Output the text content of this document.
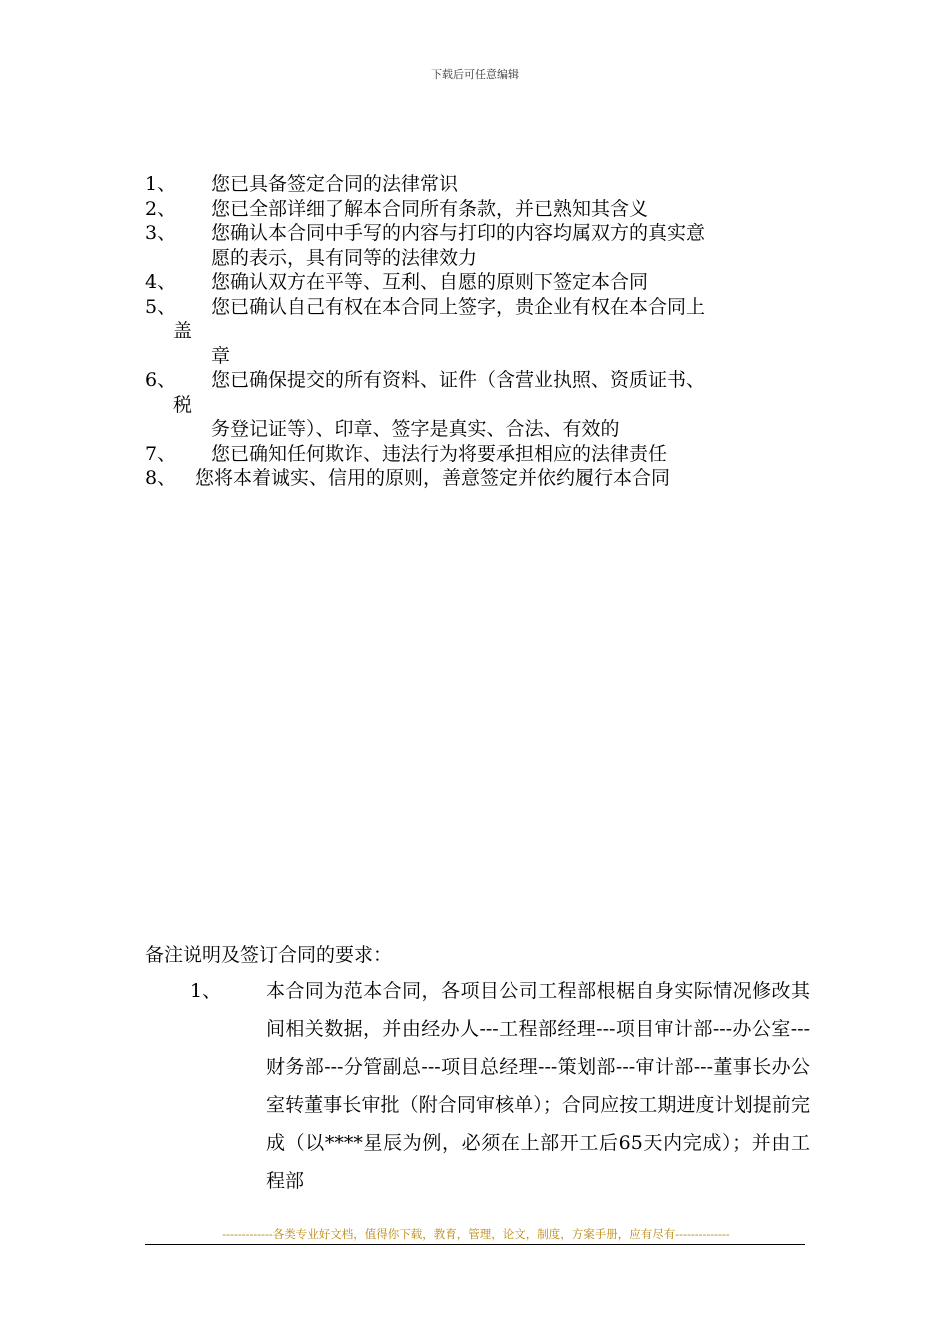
下载后可任意编辑
1、 您已具备签定合同的法律常识
2、 您已全部详细了解本合同所有条款，并已熟知其含义
3、 您确认本合同中手写的内容与打印的内容均属双方的真实意
愿的表示，具有同等的法律效力
4、 您确认双方在平等、互利、自愿的原则下签定本合同
5、 您已确认自己有权在本合同上签字，贵企业有权在本合同上
盖
章
6、 您已确保提交的所有资料、证件（含营业执照、资质证书、
税
务登记证等）、印章、签字是真实、合法、有效的
7、 您已确知任何欺诈、违法行为将要承担相应的法律责任
8、 您将本着诚实、信用的原则，善意签定并依约履行本合同
备注说明及签订合同的要求：
1、 本合同为范本合同，各项目公司工程部根椐自身实际情况修改其间相关数据，并由经办人---工程部经理---项目审计部---办公室---财务部---分管副总---项目总经理---策划部---审计部---董事长办公室转董事长审批（附合同审核单）；合同应按工期进度计划提前完成（以****星辰为例，必须在上部开工后65天内完成）；并由工程部
-------------各类专业好文档，值得你下载，教育，管理，论文，制度，方案手册，应有尽有--------------
